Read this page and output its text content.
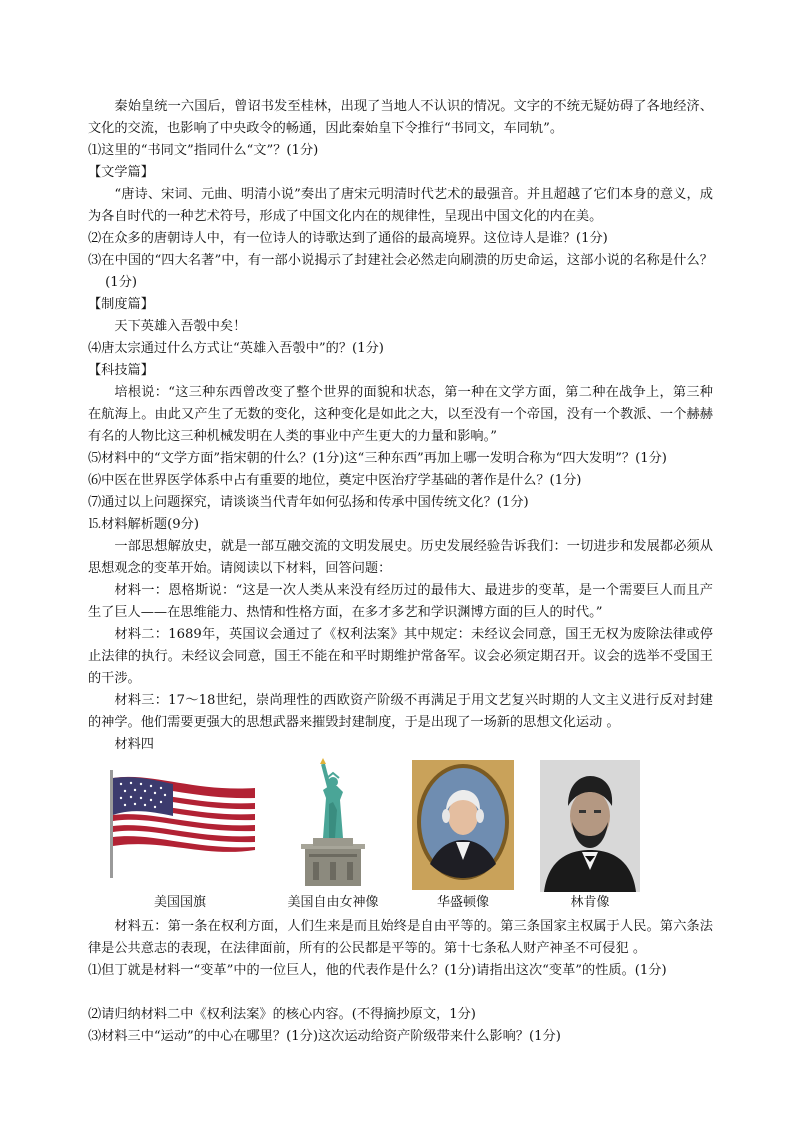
秦始皇统一六国后，曾诏书发至桂林，出现了当地人不认识的情况。文字的不统无疑妨碍了各地经济、文化的交流，也影响了中央政令的畅通，因此秦始皇下令推行“书同文，车同轨”。

⑴这里的“书同文”指同什么“文”？(1分)

【文学篇】

“唐诗、宋词、元曲、明清小说”奏出了唐宋元明清时代艺术的最强音。并且超越了它们本身的意义，成为各自时代的一种艺术符号，形成了中国文化内在的规律性，呈现出中国文化的内在美。

⑵在众多的唐朝诗人中，有一位诗人的诗歌达到了通俗的最高境界。这位诗人是谁？(1分)

⑶在中国的“四大名著”中，有一部小说揭示了封建社会必然走向刷溃的历史命运，这部小说的名称是什么？(1分)

【制度篇】

天下英雄入吾彀中矣！

⑷唐太宗通过什么方式让“英雄入吾彀中”的？(1分)

【科技篇】

培根说：“这三种东西曾改变了整个世界的面貌和状态，第一种在文学方面，第二种在战争上，第三种在航海上。由此又产生了无数的变化，这种变化是如此之大，以至没有一个帝国，没有一个教派、一个赫赫有名的人物比这三种机械发明在人类的事业中产生更大的力量和影响。”

⑸材料中的“文学方面”指宋朝的什么？(1分)这“三种东西”再加上哪一发明合称为“四大发明”？(1分)

⑹中医在世界医学体系中占有重要的地位，奠定中医治疗学基础的著作是什么？(1分)

⑺通过以上问题探究，请谈谈当代青年如何弘扬和传承中国传统文化？(1分)

⒖材料解析题(9分)

一部思想解放史，就是一部互融交流的文明发展史。历史发展经验告诉我们：一切进步和发展都必须从思想观念的变革开始。请阅读以下材料，回答问题：

材料一：恩格斯说：“这是一次人类从来没有经历过的最伟大、最进步的变革，是一个需要巨人而且产生了巨人——在思维能力、热情和性格方面，在多才多艺和学识渊博方面的巨人的时代。”

材料二：1689年，英国议会通过了《权利法案》其中规定：未经议会同意，国王无权为废除法律或停止法律的执行。未经议会同意，国王不能在和平时期维护常备军。议会必须定期召开。议会的选举不受国王的干涉。

材料三：17～18世纪，崇尚理性的西欧资产阶级不再满足于用文艺复兴时期的人文主义进行反对封建的神学。他们需要更强大的思想武器来摧毁封建制度，于是出现了一场新的思想文化运动 。

材料四

美国国旗	美国自由女神像	华盛顿像	林肯像

材料五：第一条在权利方面，人们生来是而且始终是自由平等的。第三条国家主权属于人民。第六条法律是公共意志的表现，在法律面前，所有的公民都是平等的。第十七条私人财产神圣不可侵犯 。

⑴但丁就是材料一“变革”中的一位巨人，他的代表作是什么？(1分)请指出这次“变革”的性质。(1分)

⑵请归纳材料二中《权利法案》的核心内容。(不得摘抄原文，1分)

⑶材料三中“运动”的中心在哪里？(1分)这次运动给资产阶级带来什么影响？(1分)
